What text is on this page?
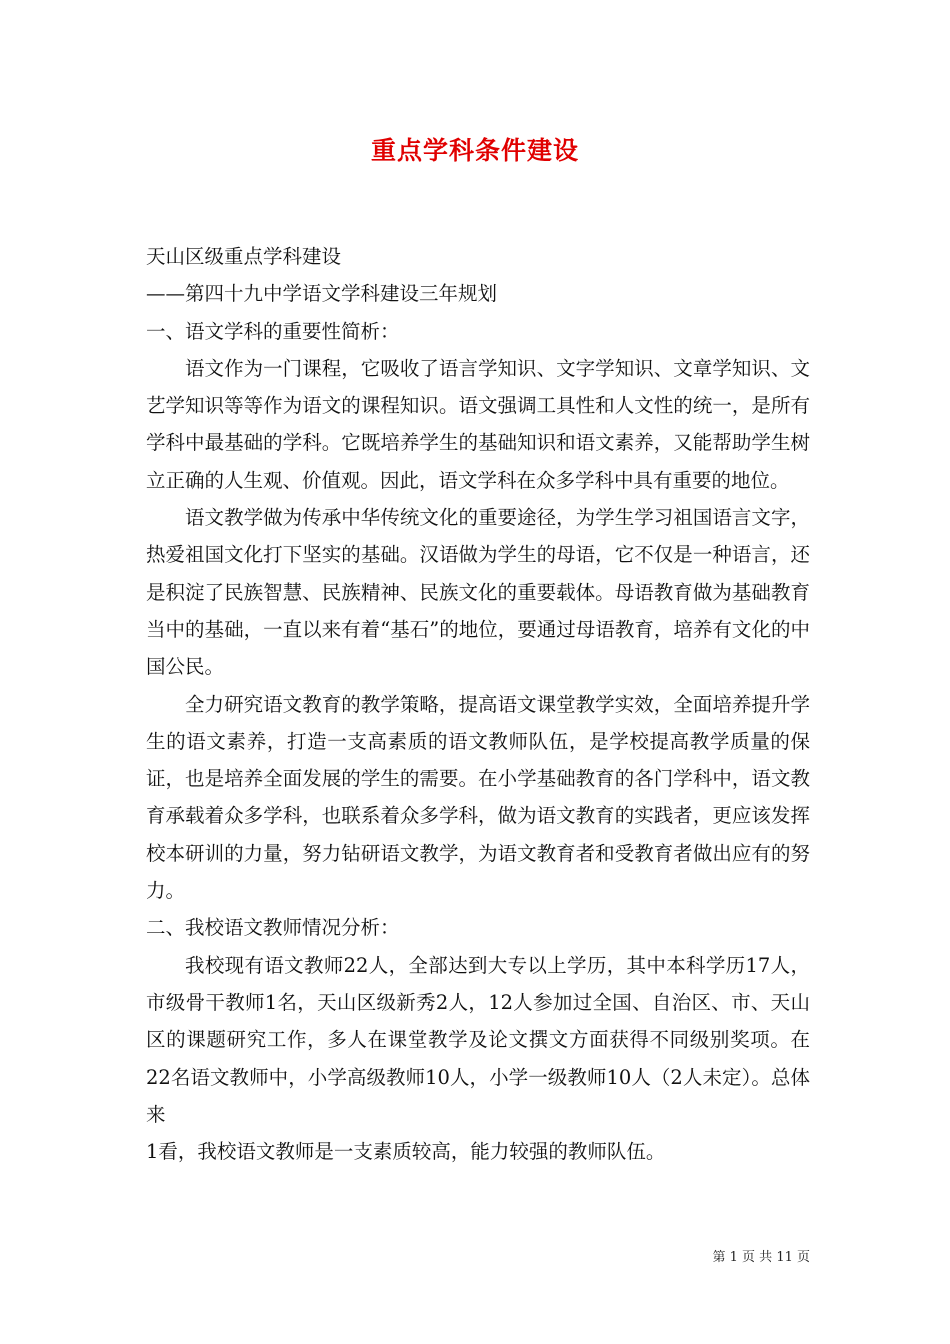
重点学科条件建设

天山区级重点学科建设

——第四十九中学语文学科建设三年规划

一、语文学科的重要性简析：

语文作为一门课程，它吸收了语言学知识、文字学知识、文章学知识、文艺学知识等等作为语文的课程知识。语文强调工具性和人文性的统一，是所有学科中最基础的学科。它既培养学生的基础知识和语文素养，又能帮助学生树立正确的人生观、价值观。因此，语文学科在众多学科中具有重要的地位。

语文教学做为传承中华传统文化的重要途径，为学生学习祖国语言文字，热爱祖国文化打下坚实的基础。汉语做为学生的母语，它不仅是一种语言，还是积淀了民族智慧、民族精神、民族文化的重要载体。母语教育做为基础教育当中的基础，一直以来有着“基石”的地位，要通过母语教育，培养有文化的中国公民。

全力研究语文教育的教学策略，提高语文课堂教学实效，全面培养提升学生的语文素养，打造一支高素质的语文教师队伍，是学校提高教学质量的保证，也是培养全面发展的学生的需要。在小学基础教育的各门学科中，语文教育承载着众多学科，也联系着众多学科，做为语文教育的实践者，更应该发挥校本研训的力量，努力钻研语文教学，为语文教育者和受教育者做出应有的努力。

二、我校语文教师情况分析：

我校现有语文教师22人，全部达到大专以上学历，其中本科学历17人，市级骨干教师1名，天山区级新秀2人，12人参加过全国、自治区、市、天山区的课题研究工作，多人在课堂教学及论文撰文方面获得不同级别奖项。在22名语文教师中，小学高级教师10人，小学一级教师10人（2人未定）。总体来

1看，我校语文教师是一支素质较高，能力较强的教师队伍。

第 1 页 共 11 页
